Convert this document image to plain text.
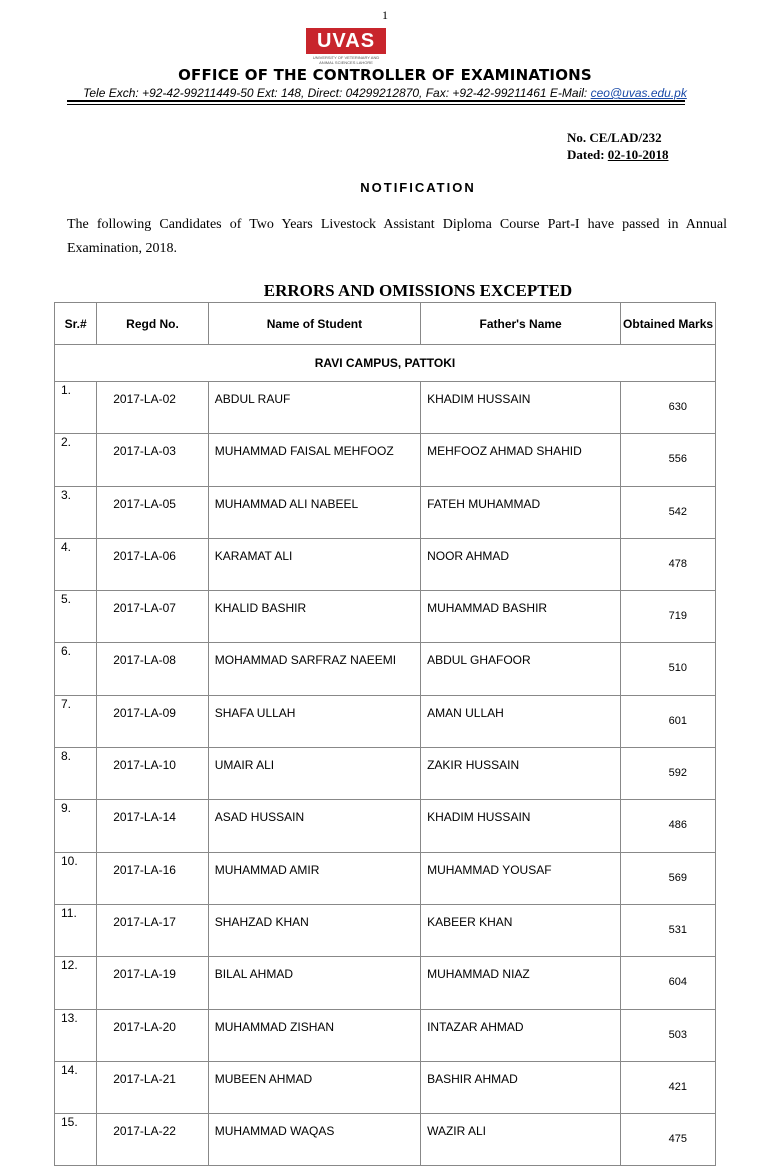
1
UVAS
UNIVERSITY OF VETERINARY AND ANIMAL SCIENCES LAHORE
OFFICE OF THE CONTROLLER OF EXAMINATIONS
Tele Exch: +92-42-99211449-50 Ext: 148, Direct: 04299212870, Fax: +92-42-99211461 E-Mail: ceo@uvas.edu.pk
No. CE/LAD/232
Dated: 02-10-2018
NOTIFICATION
The following Candidates of Two Years Livestock Assistant Diploma Course Part-I have passed in Annual Examination, 2018.
ERRORS AND OMISSIONS EXCEPTED
Sr.#	Regd No.	Name of Student	Father's Name	Obtained Marks
RAVI CAMPUS, PATTOKI				
1.	2017-LA-02	ABDUL RAUF	KHADIM HUSSAIN	630
2.	2017-LA-03	MUHAMMAD FAISAL MEHFOOZ	MEHFOOZ AHMAD SHAHID	556
3.	2017-LA-05	MUHAMMAD ALI NABEEL	FATEH MUHAMMAD	542
4.	2017-LA-06	KARAMAT ALI	NOOR AHMAD	478
5.	2017-LA-07	KHALID BASHIR	MUHAMMAD BASHIR	719
6.	2017-LA-08	MOHAMMAD SARFRAZ NAEEMI	ABDUL GHAFOOR	510
7.	2017-LA-09	SHAFA ULLAH	AMAN ULLAH	601
8.	2017-LA-10	UMAIR ALI	ZAKIR HUSSAIN	592
9.	2017-LA-14	ASAD HUSSAIN	KHADIM HUSSAIN	486
10.	2017-LA-16	MUHAMMAD AMIR	MUHAMMAD YOUSAF	569
11.	2017-LA-17	SHAHZAD KHAN	KABEER KHAN	531
12.	2017-LA-19	BILAL AHMAD	MUHAMMAD NIAZ	604
13.	2017-LA-20	MUHAMMAD ZISHAN	INTAZAR AHMAD	503
14.	2017-LA-21	MUBEEN AHMAD	BASHIR AHMAD	421
15.	2017-LA-22	MUHAMMAD WAQAS	WAZIR ALI	475
